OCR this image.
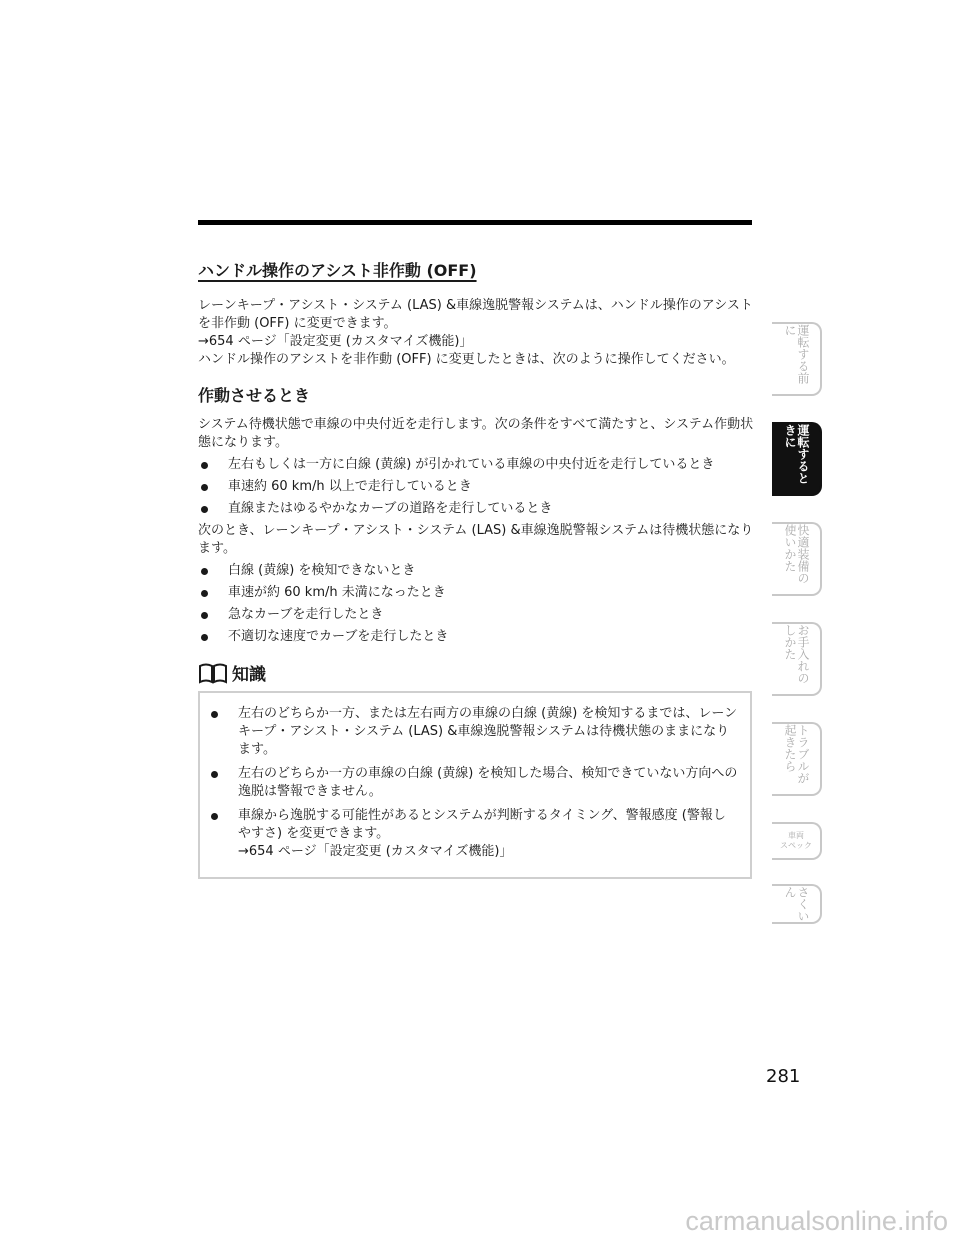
ハンドル操作のアシスト非作動 (OFF)

レーンキープ・アシスト・システム (LAS) &車線逸脱警報システムは、ハンドル操作のアシストを非作動 (OFF) に変更できます。

→654 ページ「設定変更 (カスタマイズ機能)」

ハンドル操作のアシストを非作動 (OFF) に変更したときは、次のように操作してください。

作動させるとき

システム待機状態で車線の中央付近を走行します。次の条件をすべて満たすと、システム作動状態になります。

左右もしくは一方に白線 (黄線) が引かれている車線の中央付近を走行しているとき
車速約 60 km/h 以上で走行しているとき
直線またはゆるやかなカーブの道路を走行しているとき

次のとき、レーンキープ・アシスト・システム (LAS) &車線逸脱警報システムは待機状態になります。

白線 (黄線) を検知できないとき
車速が約 60 km/h 未満になったとき
急なカーブを走行したとき
不適切な速度でカーブを走行したとき
知識
左右のどちらか一方、または左右両方の車線の白線 (黄線) を検知するまでは、レーンキープ・アシスト・システム (LAS) &車線逸脱警報システムは待機状態のままになります。
左右のどちらか一方の車線の白線 (黄線) を検知した場合、検知できていない方向への逸脱は警報できません。
車線から逸脱する可能性があるとシステムが判断するタイミング、警報感度 (警報しやすさ) を変更できます。
→654 ページ「設定変更 (カスタマイズ機能)」
運転する前に
運転するときに
快適装備の使いかた
お手入れのしかた
トラブルが起きたら
車両
スペック
さくいん
281
carmanualsonline.info
